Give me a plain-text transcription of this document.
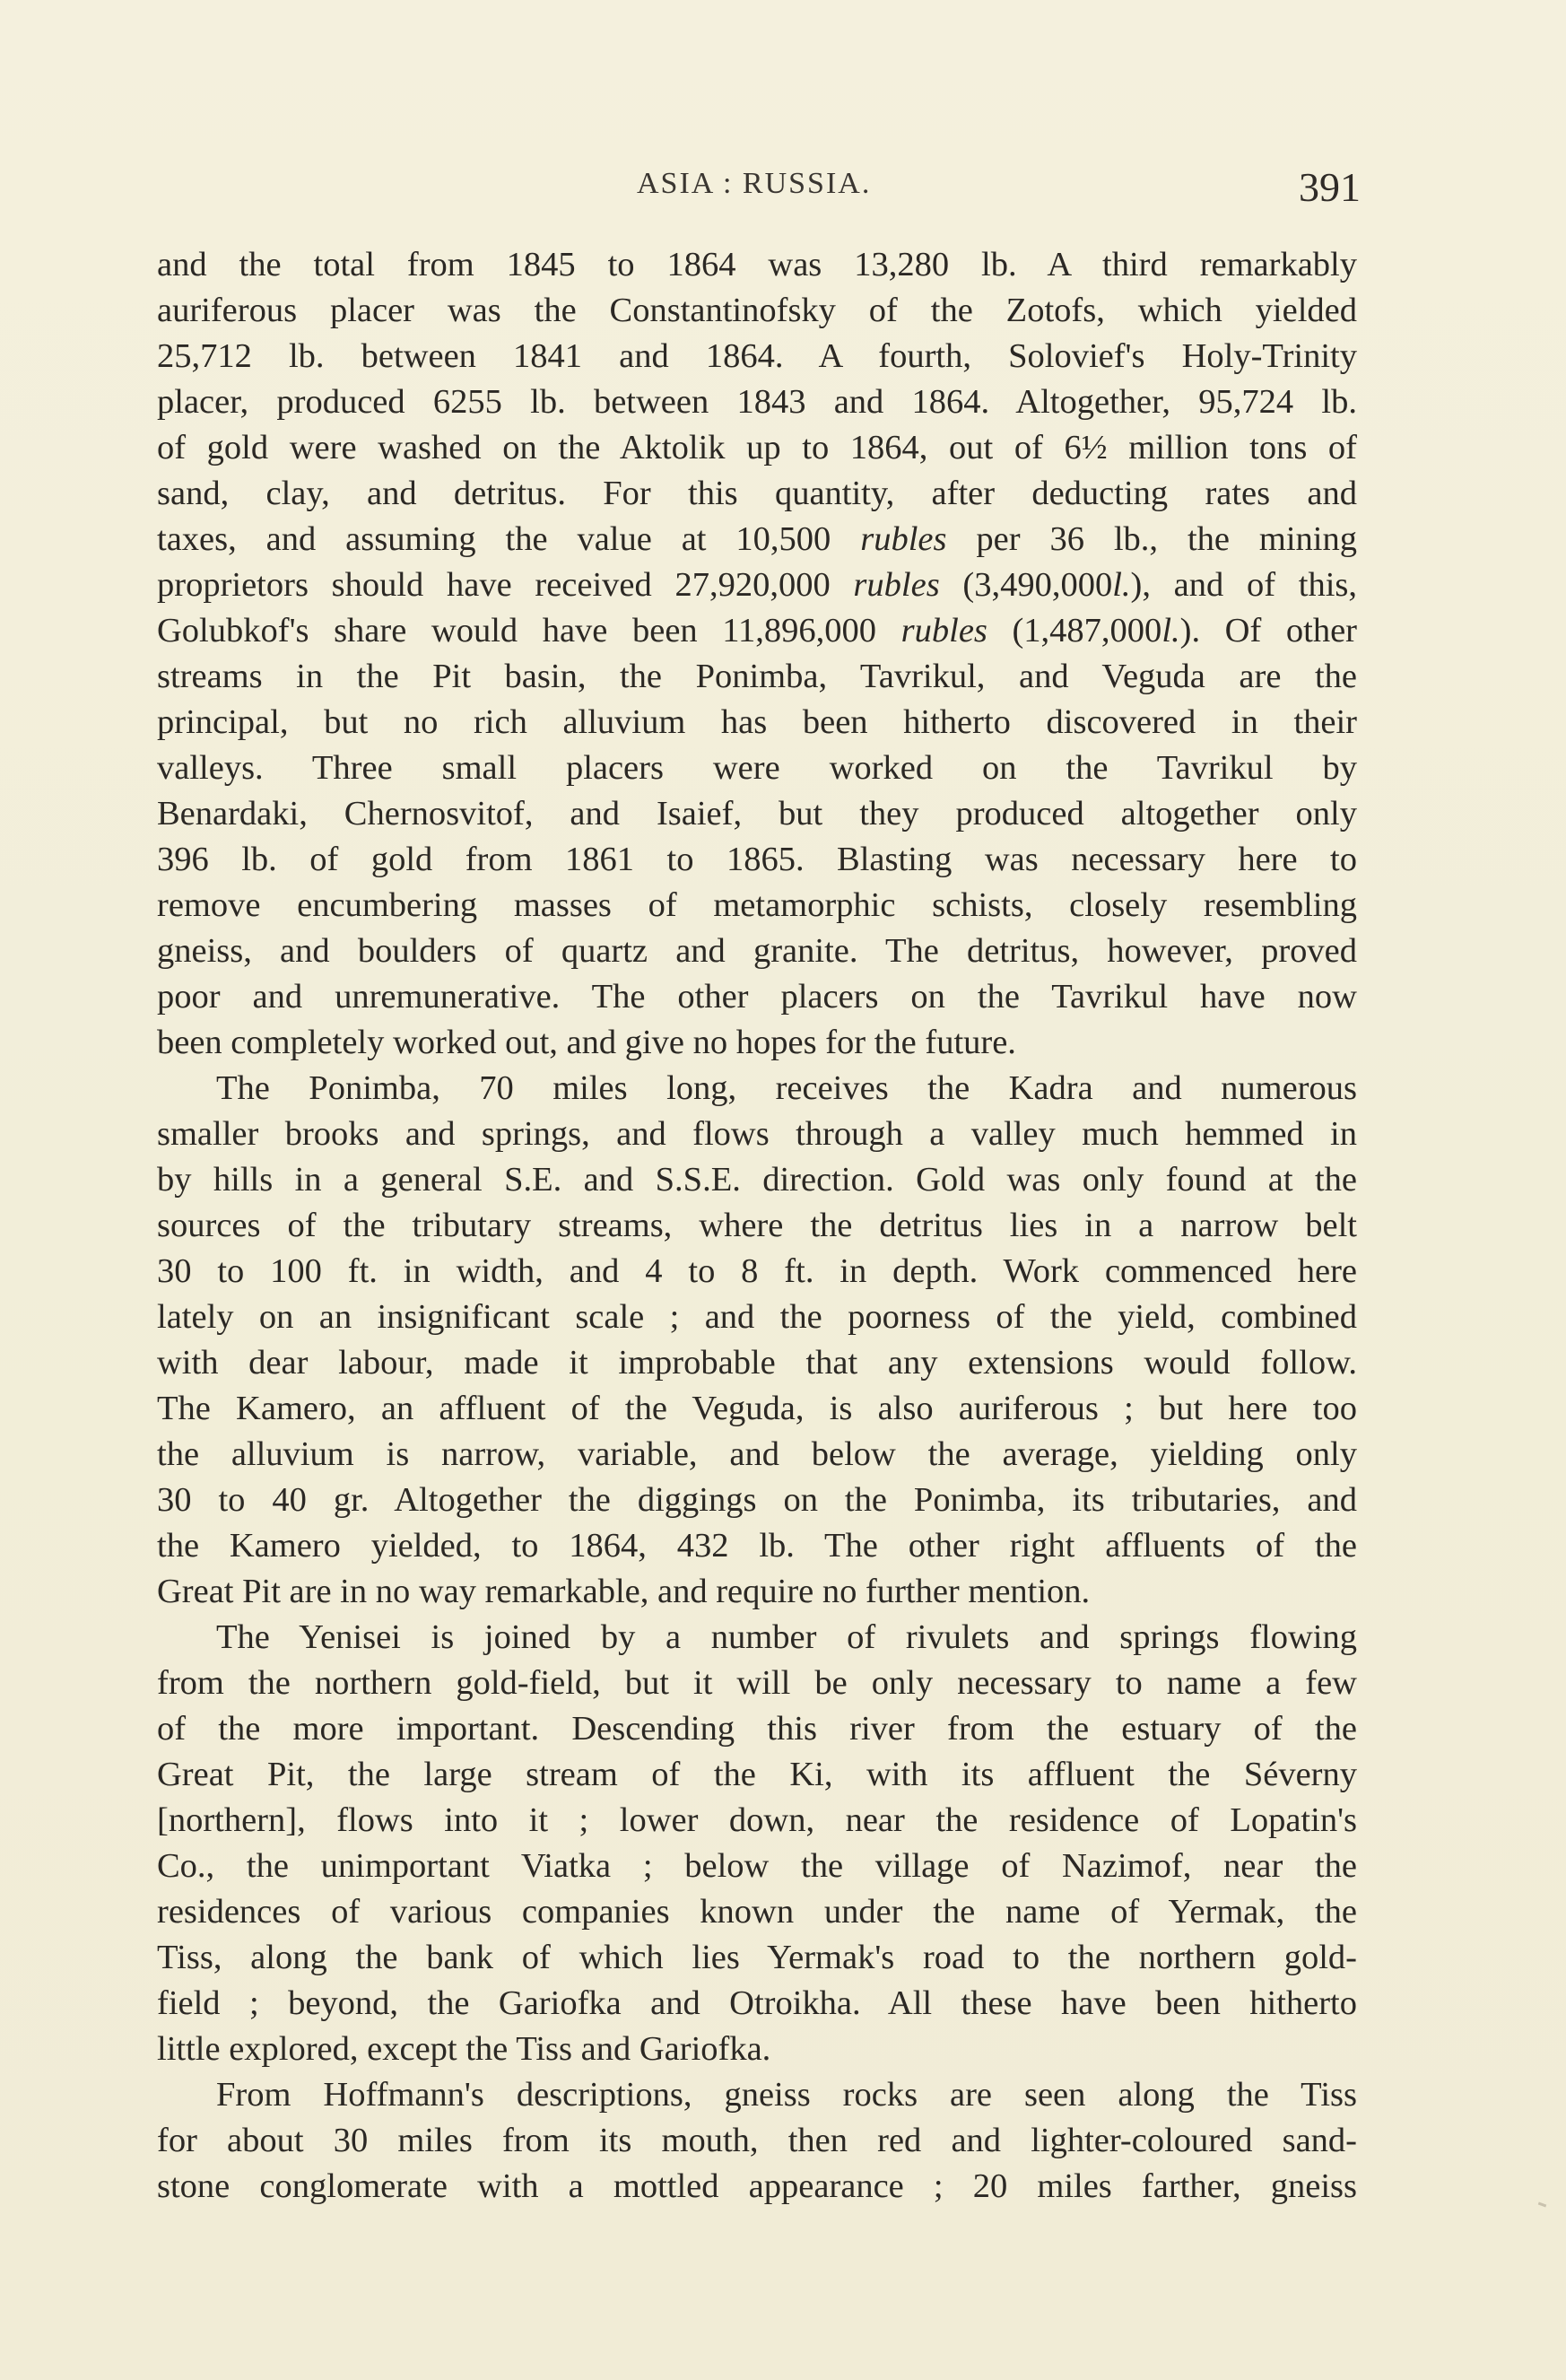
ASIA : RUSSIA.	391
and the total from 1845 to 1864 was 13,280 lb. A third remarkably
auriferous placer was the Constantinofsky of the Zotofs, which yielded
25,712 lb. between 1841 and 1864. A fourth, Solovief's Holy-Trinity
placer, produced 6255 lb. between 1843 and 1864. Altogether, 95,724 lb.
of gold were washed on the Aktolik up to 1864, out of 6½ million tons of
sand, clay, and detritus. For this quantity, after deducting rates and
taxes, and assuming the value at 10,500 rubles per 36 lb., the mining
proprietors should have received 27,920,000 rubles (3,490,000l.), and of this,
Golubkof's share would have been 11,896,000 rubles (1,487,000l.). Of other
streams in the Pit basin, the Ponimba, Tavrikul, and Veguda are the
principal, but no rich alluvium has been hitherto discovered in their
valleys. Three small placers were worked on the Tavrikul by
Benardaki, Chernosvitof, and Isaief, but they produced altogether only
396 lb. of gold from 1861 to 1865. Blasting was necessary here to
remove encumbering masses of metamorphic schists, closely resembling
gneiss, and boulders of quartz and granite. The detritus, however, proved
poor and unremunerative. The other placers on the Tavrikul have now
been completely worked out, and give no hopes for the future.
The Ponimba, 70 miles long, receives the Kadra and numerous
smaller brooks and springs, and flows through a valley much hemmed in
by hills in a general S.E. and S.S.E. direction. Gold was only found at the
sources of the tributary streams, where the detritus lies in a narrow belt
30 to 100 ft. in width, and 4 to 8 ft. in depth. Work commenced here
lately on an insignificant scale ; and the poorness of the yield, combined
with dear labour, made it improbable that any extensions would follow.
The Kamero, an affluent of the Veguda, is also auriferous ; but here too
the alluvium is narrow, variable, and below the average, yielding only
30 to 40 gr. Altogether the diggings on the Ponimba, its tributaries, and
the Kamero yielded, to 1864, 432 lb. The other right affluents of the
Great Pit are in no way remarkable, and require no further mention.
The Yenisei is joined by a number of rivulets and springs flowing
from the northern gold-field, but it will be only necessary to name a few
of the more important. Descending this river from the estuary of the
Great Pit, the large stream of the Ki, with its affluent the Séverny
[northern], flows into it ; lower down, near the residence of Lopatin's
Co., the unimportant Viatka ; below the village of Nazimof, near the
residences of various companies known under the name of Yermak, the
Tiss, along the bank of which lies Yermak's road to the northern gold-
field ; beyond, the Gariofka and Otroikha. All these have been hitherto
little explored, except the Tiss and Gariofka.
From Hoffmann's descriptions, gneiss rocks are seen along the Tiss
for about 30 miles from its mouth, then red and lighter-coloured sand-
stone conglomerate with a mottled appearance ; 20 miles farther, gneiss
